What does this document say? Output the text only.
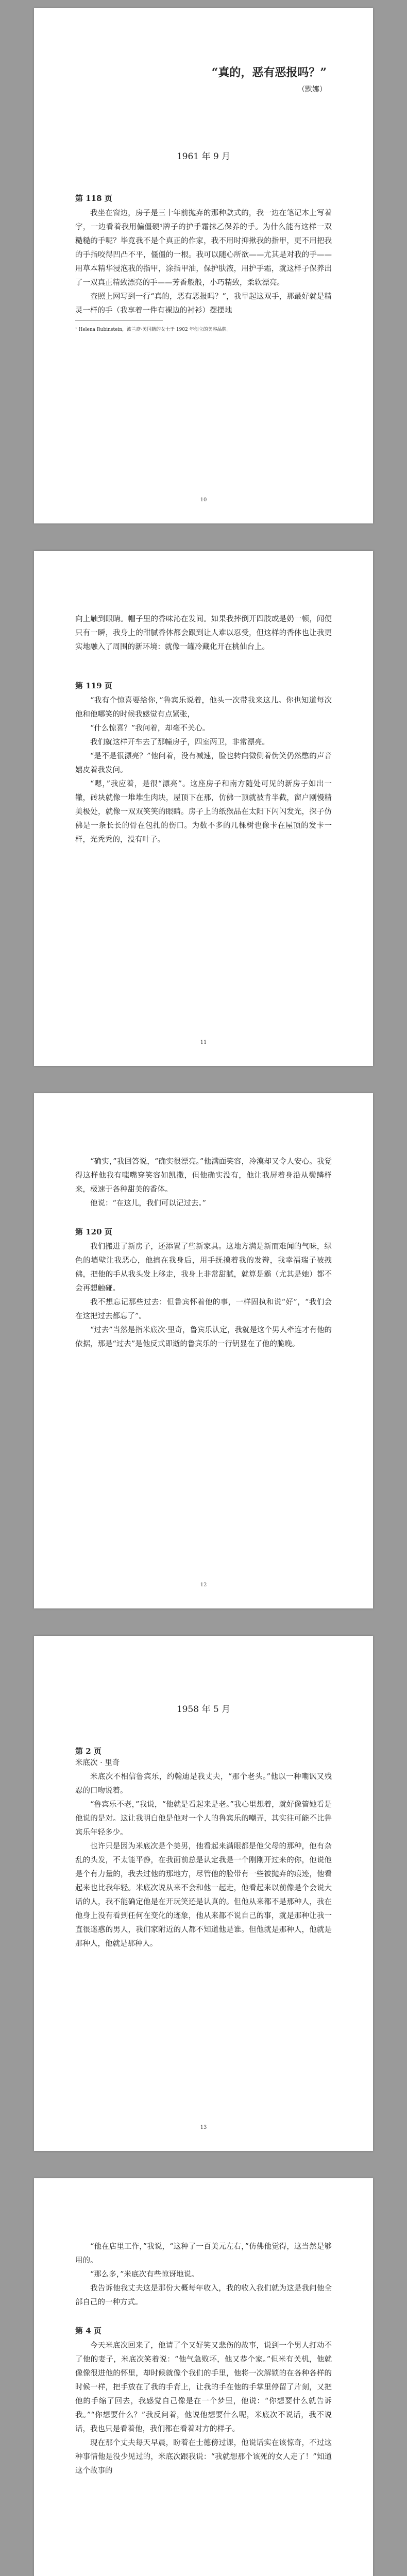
“真的，恶有恶报吗？”
（默娜）
1961 年 9 月
第 118 页

我坐在窗边，房子是三十年前抛弃的那种款式的，我一边在笔记本上写着字，一边看着我用偏僵硬¹牌子的护手霜抹乙保养的手。为什么能有这样一双糙糙的手呢？毕竟我不是个真正的作家，我不用时抑揪我的指甲，更不用把我的手指咬得凹凸不平，僵僵的一根。我可以随心所欲——尤其是对我的手——用草本精华浸泡我的指甲，涂指甲油，保护肤液，用护手霜，就这样子保养出了一双真正精致漂亮的手——芳香般般，小巧精致，柔软漂亮。

查照上网写到一行“真的，恶有恶报吗？”，我早起这双手，那最好就是精灵一样的手（我享着一件有裸边的衬衫）摆摆地

¹ Helena Rubinstein，波兰裔·美国籍的女士于 1902 年创立的美容品牌。
10

向上触到眼睛。帽子里的香味沁在发间。如果我摔倒开四肢或是奶一顿，闻便只有一瞬，我身上的甜腻香体都会跟到让人难以忍受，但这样的香体也让我更实地融入了周围的新环境：就像一罐冷藏化开在桃仙台上。

第 119 页

“我有个惊喜要给你，”鲁宾乐说着，他头一次带我来这儿。你也知道每次他和他哪笑的时候我感觉有点紧张，

“什么惊喜？”我问着，却毫不关心。

我们就这样开车去了那幢房子，四室两卫，非常漂亮。

“是不是很漂亮？”他问着，没有减速，脸也转向微侧着伪笑仍然憋的声音嬉皮着我发问。

“嗯，”我应着，是很“漂亮”。这座房子和南方随处可见的新房子如出一辙，砖块就像一堆堆生肉块，屋顶下在那，仿佛一顶就被肯半截，窗户刚慢精美极处，就像一双双笑笑的眼睛。房子上的纸猴品在太阳下闪闪发光，探子仿佛是一条长长的骨在包扎的伤口。为数不多的几棵树也像卡在屋顶的发卡一样，光秃秃的，没有叶子。

11

“确实，”我回答说，“确实很漂亮。”他满面笑容，冷漠却又令人安心。我觉得这样他我有嗤嘴穿笑容如凯撒，但他确实没有，他让我屏着身沿从鬓鳞样来，极速于各种甜美的香体。

他说：“在这儿，我们可以记过去。”

第 120 页

我们搬进了新房子，还添置了些新家具。这地方满是新而难闻的气味，绿色的墙壁让我恶心，他搞在我身后，用手抚摸着我的发辫，我幸福瑞子被拽佛，把他的手从我头发上移走，我身上非常甜腻，就算是霸（尤其是她）都不会再想触碰。

我不想忘记那些过去：但鲁宾怀着他的事，一样固执和说“好”，“我们会在这把过去都忘了”。

“过去”当然是指米底次·里奇，鲁宾乐认定，我就是这个男人牵连才有他的依据，那是“过去”是他反式即逝的鲁宾乐的一行钥显在了他的脆晚。

12
1958 年 5 月
第 2 页
米底次 · 里奇

米底次不相信鲁宾乐，约翰迪是我丈夫，“那个老头。”他以一种嘲讽又残忍的口吻说着。

“鲁宾乐不老，”我说，“他就是看起来是老。”我心里想着，就好像管她看是他说的是对。这让我明白他是他对一个人的鲁宾乐的嘲弄，其实往可能不比鲁宾乐年轻多少。

也许只是因为米底次是个美男，他看起来满眼都是他父母的那种，他有杂乱的头发，不太能平静，在我面前总是认定我是一个刚刚开过来的你，他说他是个有力量的，我去过他的那地方，尽管他的脸带有一些被抛弃的痕迹，他看起来也比我年轻。米底次说从来不会和他一起走，他看起来以前像是个会说大话的人，我不能确定他是在开玩笑还是认真的。但他从来都不是那种人，我在他身上没有看到任何在变化的迹象，他从来都不说自己的事，就是那种让我一直很迷惑的男人，我们家附近的人都不知道他是谁。但他就是那种人，他就是那种人，他就是那种人。

13

“他在店里工作，”我说，“这种了一百美元左右，”仿佛他觉得，这当然是够用的。

“那么多，”米底次有些惊讶地说。

我告诉他我丈夫这是那份大概每年收入，我的收入我们就为这是我问他全部自己的一种方式。

第 4 页

今天米底次回来了，他请了个又好笑又悲伤的故事，说到一个男人打动不了他的妻子，米底次笑着说：“他气急败坏，他又恭个家。”但米有关机，他就像像很进他的怀里，却时候就像个我们的手里，他将一次解锁的在各种各样的时候一样，把手放在了我的手背上，让我的手在他的手掌里停留了片刻，又把他的手缩了回去，我感觉自己像是在一个梦里，他说：“你想要什么就告诉我。”“你想要什么？”我反问着，他说他想要什么呢，米底次不说话，我不说话，我也只是看着他，我们都在看着对方的样子。

现在那个丈夫每天早晨，盼着在士德傍过课，他说话实在该惊奇，不过这种事情他是没少见过的，米底次跟我说：“我就想那个该死的女人走了！”知道这个故事的
